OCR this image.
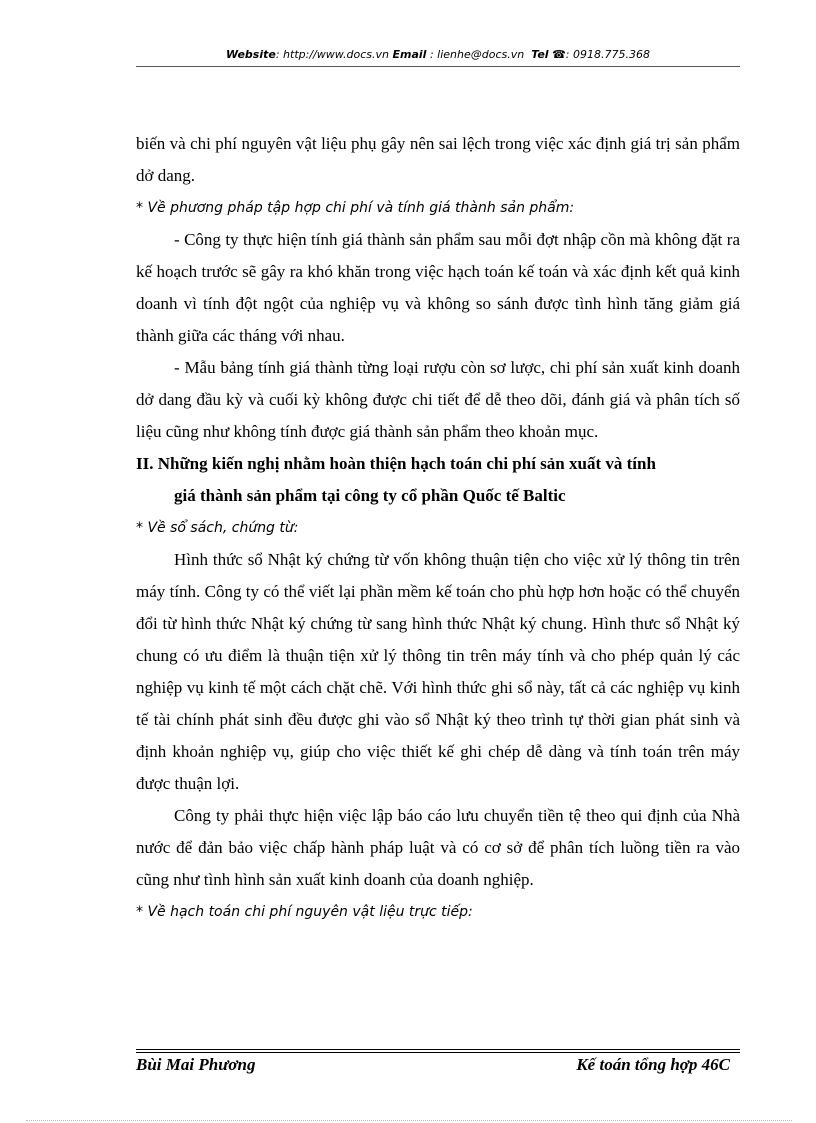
Website: http://www.docs.vn Email : lienhe@docs.vn Tel ☎: 0918.775.368

biến và chi phí nguyên vật liệu phụ gây nên sai lệch trong việc xác định giá trị sản phẩm dở dang.

* Về phương pháp tập hợp chi phí và tính giá thành sản phẩm:

- Công ty thực hiện tính giá thành sản phẩm sau mỗi đợt nhập cồn mà không đặt ra kế hoạch trước sẽ gây ra khó khăn trong việc hạch toán kế toán và xác định kết quả kinh doanh vì tính đột ngột của nghiệp vụ và không so sánh được tình hình tăng giảm giá thành giữa các tháng với nhau.

- Mẫu bảng tính giá thành từng loại rượu còn sơ lược, chi phí sản xuất kinh doanh dở dang đầu kỳ và cuối kỳ không được chi tiết để dễ theo dõi, đánh giá và phân tích số liệu cũng như không tính được giá thành sản phẩm theo khoản mục.

II. Những kiến nghị nhằm hoàn thiện hạch toán chi phí sản xuất và tính
giá thành sản phẩm tại công ty cổ phần Quốc tế Baltic

* Về sổ sách, chứng từ:

Hình thức sổ Nhật ký chứng từ vốn không thuận tiện cho việc xử lý thông tin trên máy tính. Công ty có thể viết lại phần mềm kế toán cho phù hợp hơn hoặc có thể chuyển đổi từ hình thức Nhật ký chứng từ sang hình thức Nhật ký chung. Hình thưc sổ Nhật ký chung có ưu điểm là thuận tiện xử lý thông tin trên máy tính và cho phép quản lý các nghiệp vụ kinh tế một cách chặt chẽ. Với hình thức ghi sổ này, tất cả các nghiệp vụ kinh tế tài chính phát sinh đều được ghi vào sổ Nhật ký theo trình tự thời gian phát sinh và định khoản nghiệp vụ, giúp cho việc thiết kế ghi chép dễ dàng và tính toán trên máy được thuận lợi.

Công ty phải thực hiện việc lập báo cáo lưu chuyển tiền tệ theo qui định của Nhà nước để đản bảo việc chấp hành pháp luật và có cơ sở để phân tích luồng tiền ra vào cũng như tình hình sản xuất kinh doanh của doanh nghiệp.

* Về hạch toán chi phí nguyên vật liệu trực tiếp:

Bùi Mai Phương	Kế toán tổng hợp 46C
